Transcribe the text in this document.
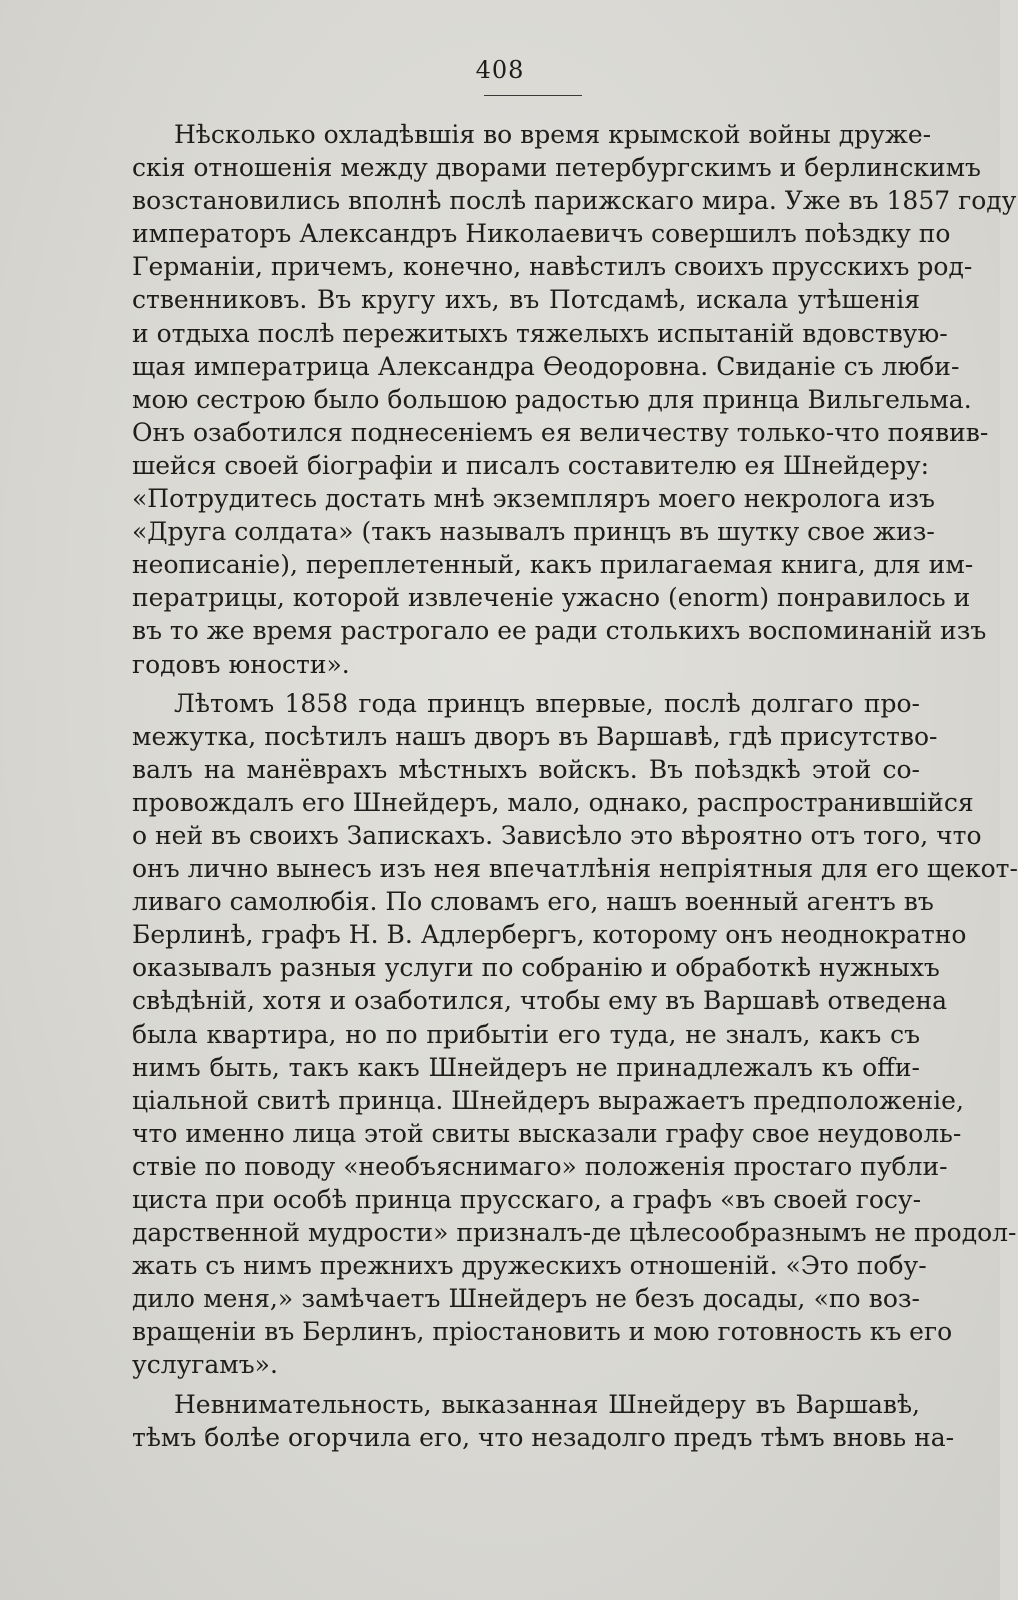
408

Нѣсколько охладѣвшія во время крымской войны друже-
скія отношенія между дворами петербургскимъ и берлинскимъ
возстановились вполнѣ послѣ парижскаго мира. Уже въ 1857 году
императоръ Александръ Николаевичъ совершилъ поѣздку по
Германіи, причемъ, конечно, навѣстилъ своихъ прусскихъ род-
ственниковъ. Въ кругу ихъ, въ Потсдамѣ, искала утѣшенія
и отдыха послѣ пережитыхъ тяжелыхъ испытаній вдовствую-
щая императрица Александра Ѳеодоровна. Свиданіе съ люби-
мою сестрою было большою радостью для принца Вильгельма.
Онъ озаботился поднесеніемъ ея величеству только-что появив-
шейся своей біографіи и писалъ составителю ея Шнейдеру:
«Потрудитесь достать мнѣ экземпляръ моего некролога изъ
«Друга солдата» (такъ называлъ принцъ въ шутку свое жиз-
неописаніе), переплетенный, какъ прилагаемая книга, для им-
ператрицы, которой извлеченіе ужасно (enorm) понравилось и
въ то же время растрогало ее ради столькихъ воспоминаній изъ
годовъ юности».

Лѣтомъ 1858 года принцъ впервые, послѣ долгаго про-
межутка, посѣтилъ нашъ дворъ въ Варшавѣ, гдѣ присутство-
валъ на манёврахъ мѣстныхъ войскъ. Въ поѣздкѣ этой со-
провождалъ его Шнейдеръ, мало, однако, распространившійся
о ней въ своихъ Запискахъ. Зависѣло это вѣроятно отъ того, что
онъ лично вынесъ изъ нея впечатлѣнія непріятныя для его щекот-
ливаго самолюбія. По словамъ его, нашъ военный агентъ въ
Берлинѣ, графъ Н. В. Адлербергъ, которому онъ неоднократно
оказывалъ разныя услуги по собранію и обработкѣ нужныхъ
свѣдѣній, хотя и озаботился, чтобы ему въ Варшавѣ отведена
была квартира, но по прибытіи его туда, не зналъ, какъ съ
нимъ быть, такъ какъ Шнейдеръ не принадлежалъ къ offи-
ціальной свитѣ принца. Шнейдеръ выражаетъ предположеніе,
что именно лица этой свиты высказали графу свое неудоволь-
ствіе по поводу «необъяснимаго» положенія простаго публи-
циста при особѣ принца прусскаго, а графъ «въ своей госу-
дарственной мудрости» призналъ-де цѣлесообразнымъ не продол-
жать съ нимъ прежнихъ дружескихъ отношеній. «Это побу-
дило меня,» замѣчаетъ Шнейдеръ не безъ досады, «по воз-
вращеніи въ Берлинъ, пріостановить и мою готовность къ его
услугамъ».

Невнимательность, выказанная Шнейдеру въ Варшавѣ,
тѣмъ болѣе огорчила его, что незадолго предъ тѣмъ вновь на-
